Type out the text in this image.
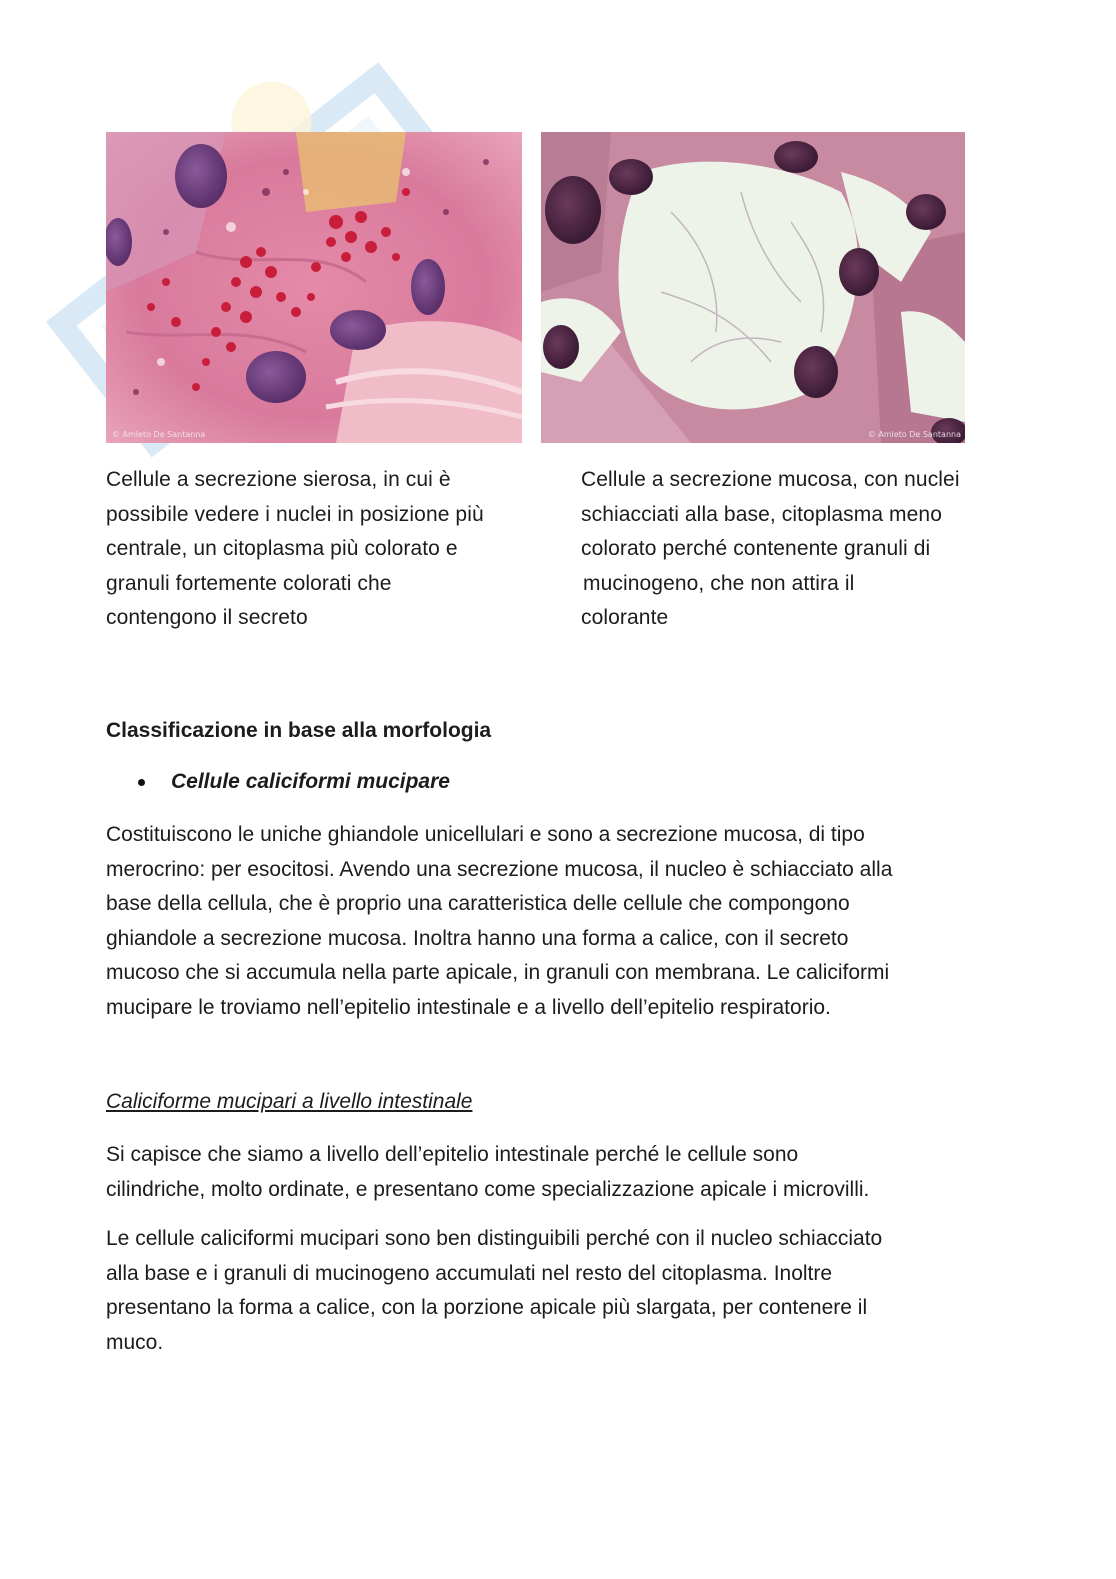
© Amleto De Santanna	© Amleto De Santanna
Cellule a secrezione sierosa, in cui è
possibile vedere i nuclei in posizione più
centrale, un citoplasma più colorato e
granuli fortemente colorati che
contengono il secreto
Cellule a secrezione mucosa, con nuclei
schiacciati alla base, citoplasma meno
colorato perché contenente granuli di
mucinogeno, che non attira il
colorante
Classificazione in base alla morfologia
Cellule caliciformi mucipare
Costituiscono le uniche ghiandole unicellulari e sono a secrezione mucosa, di tipo
merocrino: per esocitosi. Avendo una secrezione mucosa, il nucleo è schiacciato alla
base della cellula, che è proprio una caratteristica delle cellule che compongono
ghiandole a secrezione mucosa. Inoltra hanno una forma a calice, con il secreto
mucoso che si accumula nella parte apicale, in granuli con membrana. Le caliciformi
mucipare le troviamo nell’epitelio intestinale e a livello dell’epitelio respiratorio.
Caliciforme mucipari a livello intestinale
Si capisce che siamo a livello dell’epitelio intestinale perché le cellule sono
cilindriche, molto ordinate, e presentano come specializzazione apicale i microvilli.
Le cellule caliciformi mucipari sono ben distinguibili perché con il nucleo schiacciato
alla base e i granuli di mucinogeno accumulati nel resto del citoplasma. Inoltre
presentano la forma a calice, con la porzione apicale più slargata, per contenere il
muco.
